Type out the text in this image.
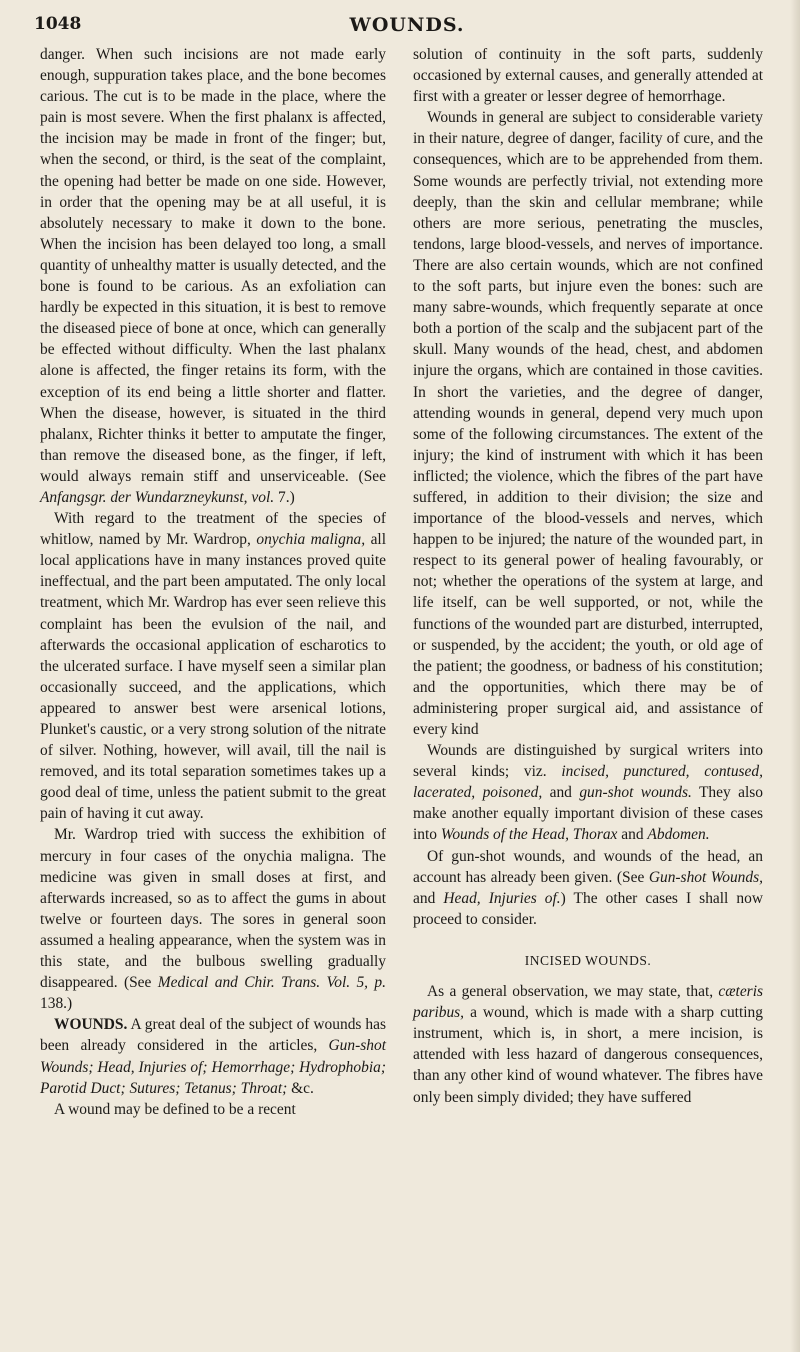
1048	WOUNDS.

danger. When such incisions are not made early enough, suppuration takes place, and the bone becomes carious. The cut is to be made in the place, where the pain is most severe. When the first phalanx is affected, the incision may be made in front of the finger; but, when the second, or third, is the seat of the complaint, the opening had better be made on one side. However, in order that the opening may be at all useful, it is absolutely necessary to make it down to the bone. When the incision has been delayed too long, a small quantity of unhealthy matter is usually detected, and the bone is found to be carious. As an exfoliation can hardly be expected in this situation, it is best to remove the diseased piece of bone at once, which can generally be effected without difficulty. When the last phalanx alone is affected, the finger retains its form, with the exception of its end being a little shorter and flatter. When the disease, however, is situated in the third phalanx, Richter thinks it better to amputate the finger, than remove the diseased bone, as the finger, if left, would always remain stiff and unserviceable. (See Anfangsgr. der Wundarzneykunst, vol. 7.)

With regard to the treatment of the species of whitlow, named by Mr. Wardrop, onychia maligna, all local applications have in many instances proved quite ineffectual, and the part been amputated. The only local treatment, which Mr. Wardrop has ever seen relieve this complaint has been the evulsion of the nail, and afterwards the occasional application of escharotics to the ulcerated surface. I have myself seen a similar plan occasionally succeed, and the applications, which appeared to answer best were arsenical lotions, Plunket's caustic, or a very strong solution of the nitrate of silver. Nothing, however, will avail, till the nail is removed, and its total separation sometimes takes up a good deal of time, unless the patient submit to the great pain of having it cut away.

Mr. Wardrop tried with success the exhibition of mercury in four cases of the onychia maligna. The medicine was given in small doses at first, and afterwards increased, so as to affect the gums in about twelve or fourteen days. The sores in general soon assumed a healing appearance, when the system was in this state, and the bulbous swelling gradually disappeared. (See Medical and Chir. Trans. Vol. 5, p. 138.)

WOUNDS. A great deal of the subject of wounds has been already considered in the articles, Gun-shot Wounds; Head, Injuries of; Hemorrhage; Hydrophobia; Parotid Duct; Sutures; Tetanus; Throat; &c.

A wound may be defined to be a recent

solution of continuity in the soft parts, suddenly occasioned by external causes, and generally attended at first with a greater or lesser degree of hemorrhage.

Wounds in general are subject to considerable variety in their nature, degree of danger, facility of cure, and the consequences, which are to be apprehended from them. Some wounds are perfectly trivial, not extending more deeply, than the skin and cellular membrane; while others are more serious, penetrating the muscles, tendons, large blood-vessels, and nerves of importance. There are also certain wounds, which are not confined to the soft parts, but injure even the bones: such are many sabre-wounds, which frequently separate at once both a portion of the scalp and the subjacent part of the skull. Many wounds of the head, chest, and abdomen injure the organs, which are contained in those cavities. In short the varieties, and the degree of danger, attending wounds in general, depend very much upon some of the following circumstances. The extent of the injury; the kind of instrument with which it has been inflicted; the violence, which the fibres of the part have suffered, in addition to their division; the size and importance of the blood-vessels and nerves, which happen to be injured; the nature of the wounded part, in respect to its general power of healing favourably, or not; whether the operations of the system at large, and life itself, can be well supported, or not, while the functions of the wounded part are disturbed, interrupted, or suspended, by the accident; the youth, or old age of the patient; the goodness, or badness of his constitution; and the opportunities, which there may be of administering proper surgical aid, and assistance of every kind

Wounds are distinguished by surgical writers into several kinds; viz. incised, punctured, contused, lacerated, poisoned, and gun-shot wounds. They also make another equally important division of these cases into Wounds of the Head, Thorax and Abdomen.

Of gun-shot wounds, and wounds of the head, an account has already been given. (See Gun-shot Wounds, and Head, Injuries of.) The other cases I shall now proceed to consider.

INCISED WOUNDS.

As a general observation, we may state, that, cæteris paribus, a wound, which is made with a sharp cutting instrument, which is, in short, a mere incision, is attended with less hazard of dangerous consequences, than any other kind of wound whatever. The fibres have only been simply divided; they have suffered
